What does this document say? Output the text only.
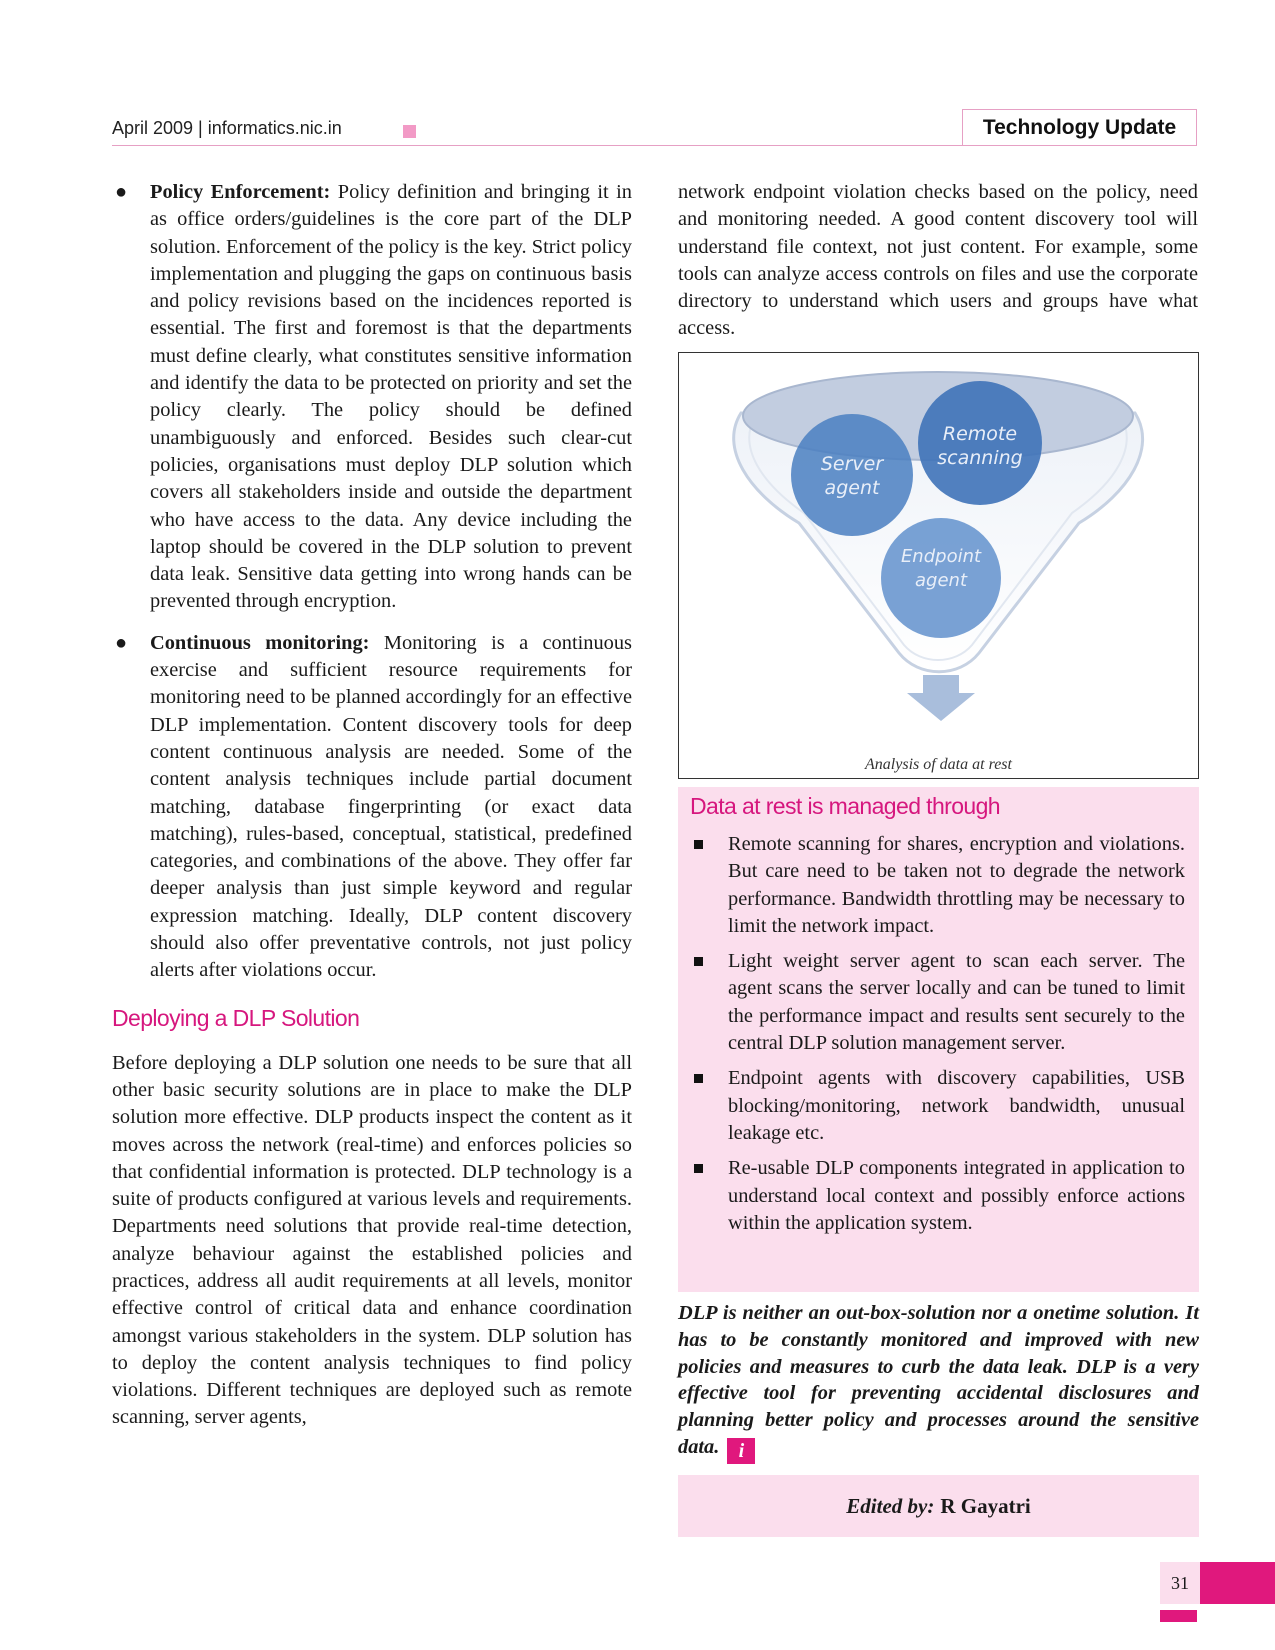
April 2009 | informatics.nic.in	Technology Update
● Policy Enforcement: Policy definition and bringing it in as office orders/guidelines is the core part of the DLP solution. Enforcement of the policy is the key. Strict policy implementation and plugging the gaps on continuous basis and policy revisions based on the incidences reported is essential. The first and foremost is that the departments must define clearly, what constitutes sensitive information and identify the data to be protected on priority and set the policy clearly. The policy should be defined unambiguously and enforced. Besides such clear-cut policies, organisations must deploy DLP solution which covers all stakeholders inside and outside the department who have access to the data. Any device including the laptop should be covered in the DLP solution to prevent data leak. Sensitive data getting into wrong hands can be prevented through encryption.

● Continuous monitoring: Monitoring is a continuous exercise and sufficient resource requirements for monitoring need to be planned accordingly for an effective DLP implementation. Content discovery tools for deep content continuous analysis are needed. Some of the content analysis techniques include partial document matching, database fingerprinting (or exact data matching), rules-based, conceptual, statistical, predefined categories, and combinations of the above. They offer far deeper analysis than just simple keyword and regular expression matching. Ideally, DLP content discovery should also offer preventative controls, not just policy alerts after violations occur.

Deploying a DLP Solution

Before deploying a DLP solution one needs to be sure that all other basic security solutions are in place to make the DLP solution more effective. DLP products inspect the content as it moves across the network (real-time) and enforces policies so that confidential information is protected. DLP technology is a suite of products configured at various levels and requirements. Departments need solutions that provide real-time detection, analyze behaviour against the established policies and practices, address all audit requirements at all levels, monitor effective control of critical data and enhance coordination amongst various stakeholders in the system. DLP solution has to deploy the content analysis techniques to find policy violations. Different techniques are deployed such as remote scanning, server agents,

network endpoint violation checks based on the policy, need and monitoring needed. A good content discovery tool will understand file context, not just content. For example, some tools can analyze access controls on files and use the corporate directory to understand which users and groups have what access.

Server
agent
Remote
scanning
Endpoint
agent
Analysis of data at rest
Data at rest is managed through

Remote scanning for shares, encryption and violations. But care need to be taken not to degrade the network performance. Bandwidth throttling may be necessary to limit the network impact.

Light weight server agent to scan each server. The agent scans the server locally and can be tuned to limit the performance impact and results sent securely to the central DLP solution management server.

Endpoint agents with discovery capabilities, USB blocking/monitoring, network bandwidth, unusual leakage etc.

Re-usable DLP components integrated in application to understand local context and possibly enforce actions within the application system.

DLP is neither an out-box-solution nor a onetime solution. It has to be constantly monitored and improved with new policies and measures to curb the data leak. DLP is a very effective tool for preventing accidental disclosures and planning better policy and processes around the sensitive data. i
Edited by: R Gayatri
31
